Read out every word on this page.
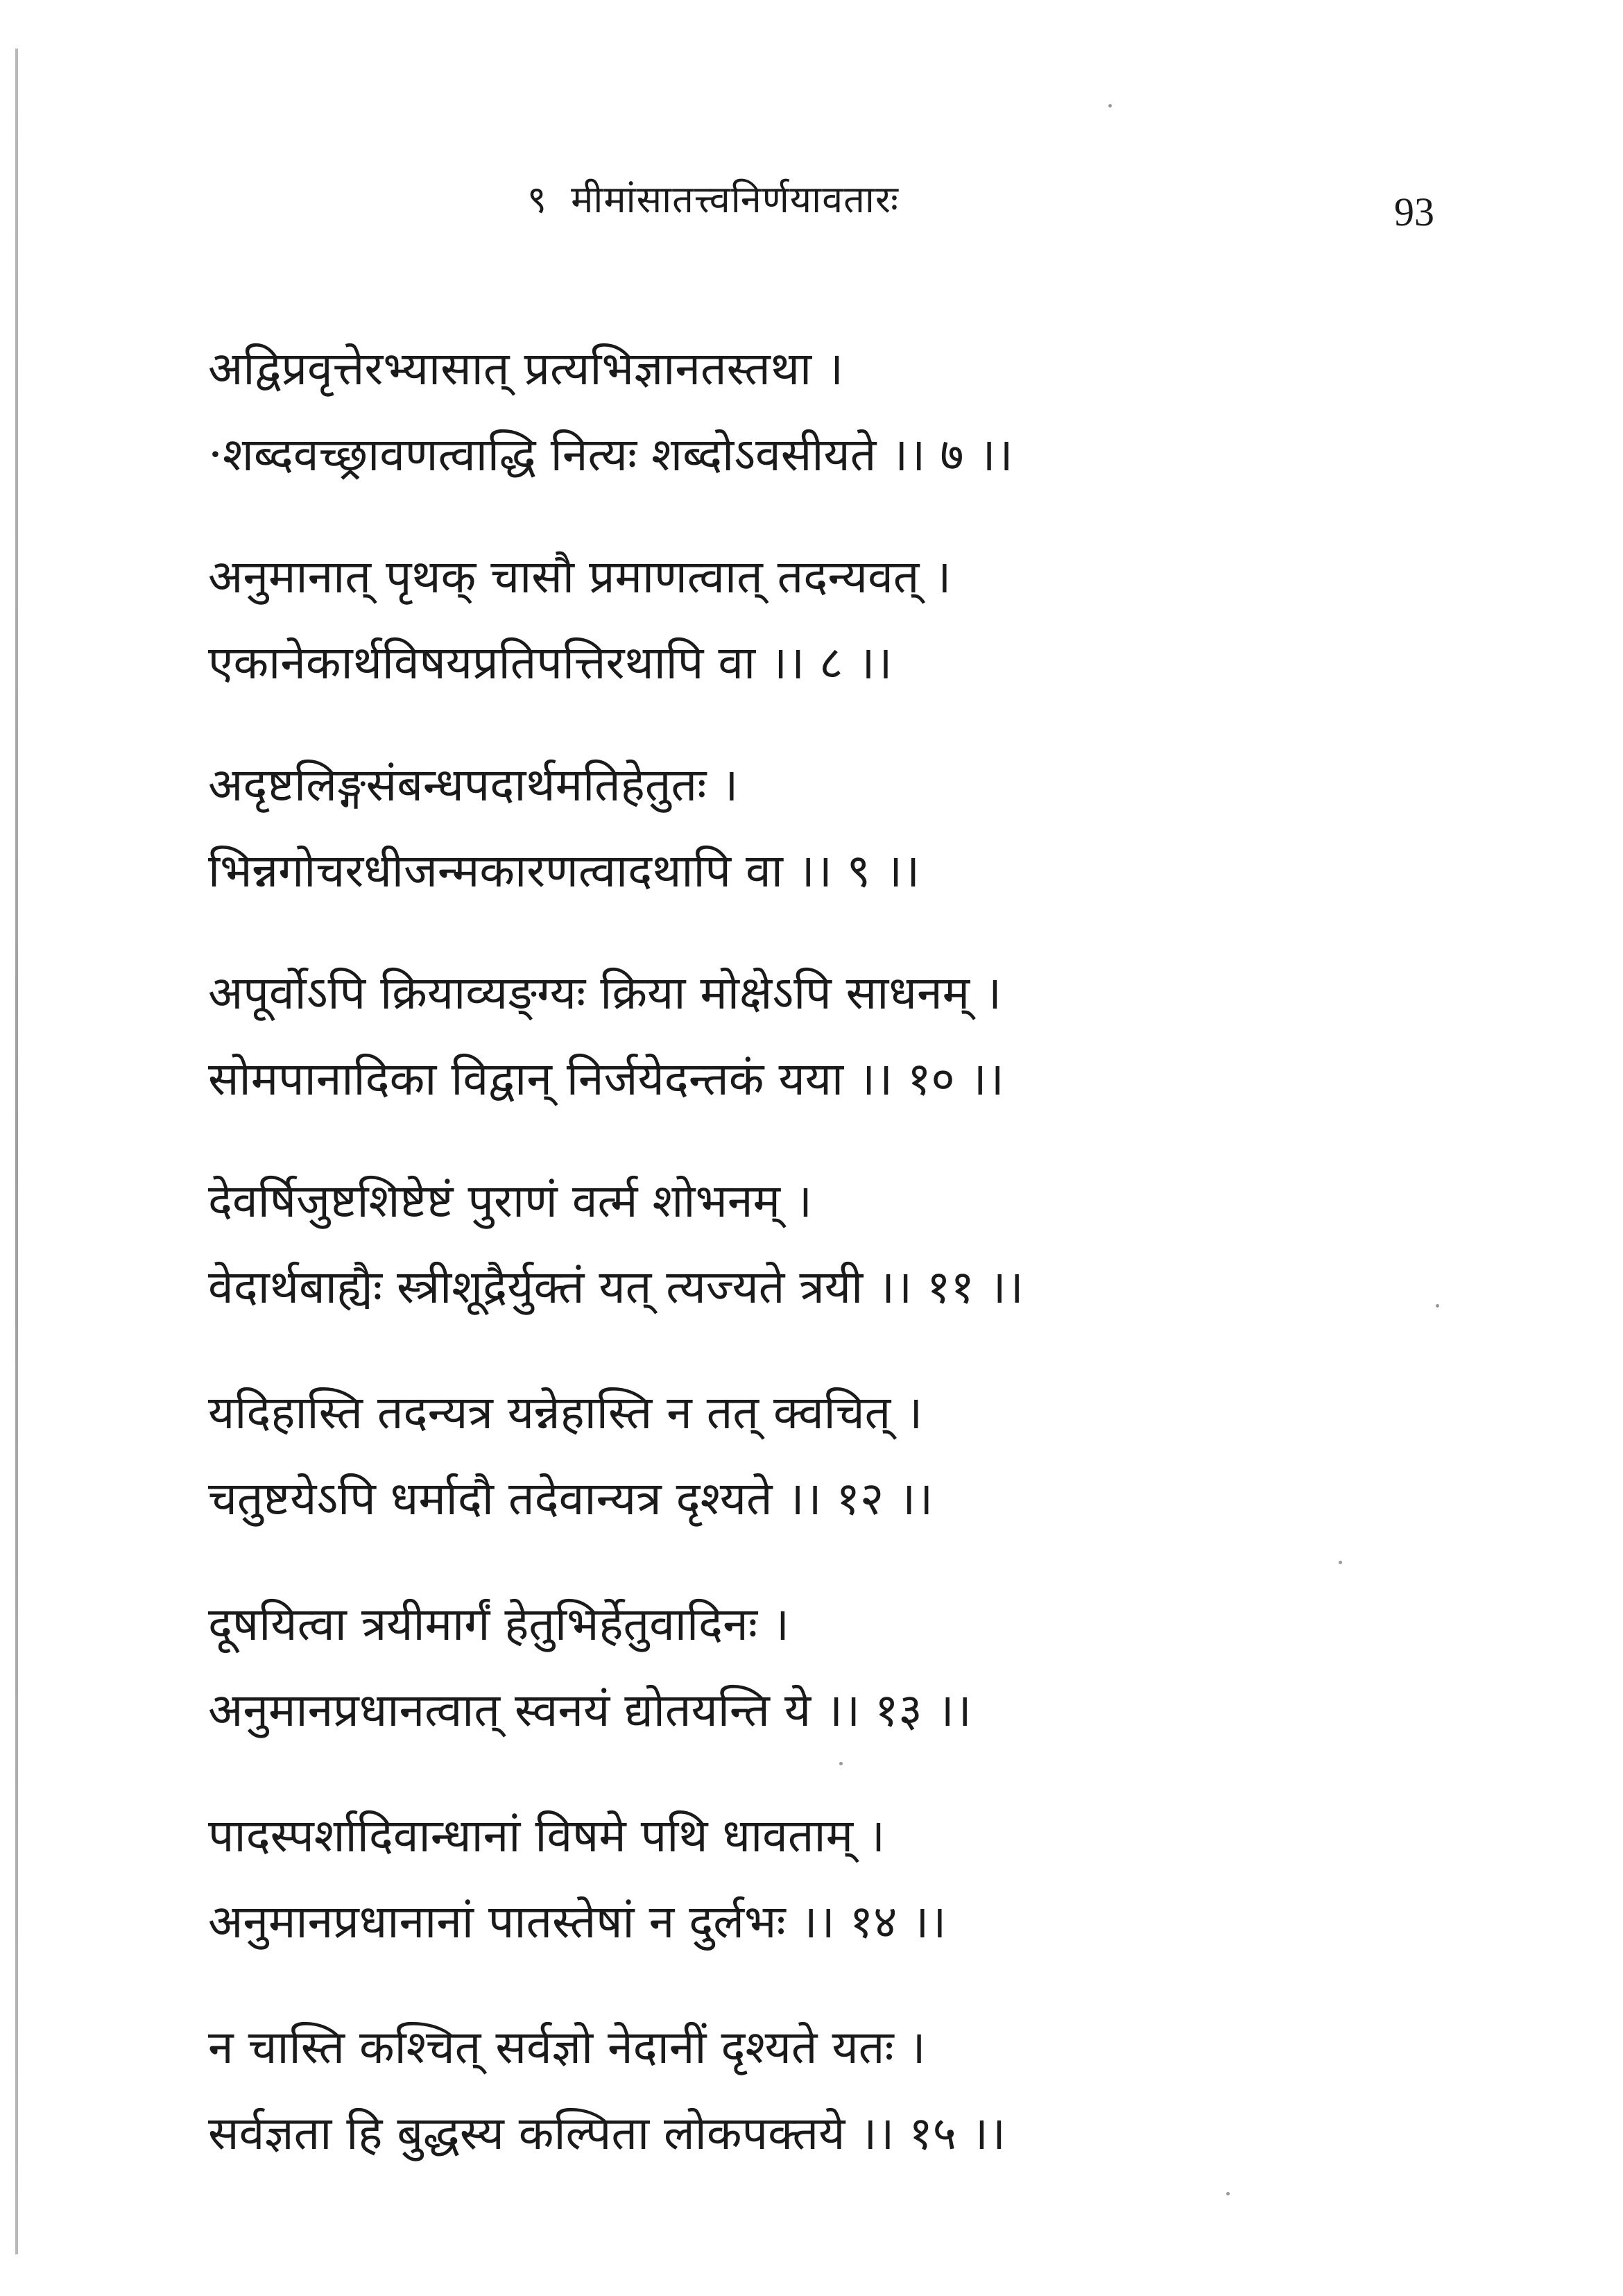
९ मीमांसातत्त्वनिर्णयावतारः	93
अद्विप्रवृत्तेरभ्यासात् प्रत्यभिज्ञानतस्तथा ।
·शब्दवच्छ्रावणत्वाद्धि नित्यः शब्दोऽवसीयते ।। ७ ।।
अनुमानात् पृथक् चासौ प्रमाणत्वात् तदन्यवत् ।
एकानेकार्थविषयप्रतिपत्तिरथापि वा ।। ८ ।।
अदृष्टलिङ्गसंबन्धपदार्थमतिहेतुतः ।
भिन्नगोचरधीजन्मकारणत्वादथापि वा ।। ९ ।।
अपूर्वोऽपि क्रियाव्यङ्ग्यः क्रिया मोक्षेऽपि साधनम् ।
सोमपानादिका विद्वान् निर्जयेदन्तकं यया ।। १० ।।
देवर्षिजुष्टशिष्टेष्टं पुराणं वर्त्म शोभनम् ।
वेदार्थबाह्यैः स्त्रीशूद्रैर्युक्तं यत् त्यज्यते त्रयी ।। ११ ।।
यदिहास्ति तदन्यत्र यन्नेहास्ति न तत् क्वचित् ।
चतुष्टयेऽपि धर्मादौ तदेवान्यत्र दृश्यते ।। १२ ।।
दूषयित्वा त्रयीमार्गं हेतुभिर्हेतुवादिनः ।
अनुमानप्रधानत्वात् स्वनयं द्योतयन्ति ये ।। १३ ।।
पादस्पर्शादिवान्धानां विषमे पथि धावताम् ।
अनुमानप्रधानानां पातस्तेषां न दुर्लभः ।। १४ ।।
न चास्ति कश्चित् सर्वज्ञो नेदानीं दृश्यते यतः ।
सर्वज्ञता हि बुद्धस्य कल्पिता लोकपक्तये ।। १५ ।।
